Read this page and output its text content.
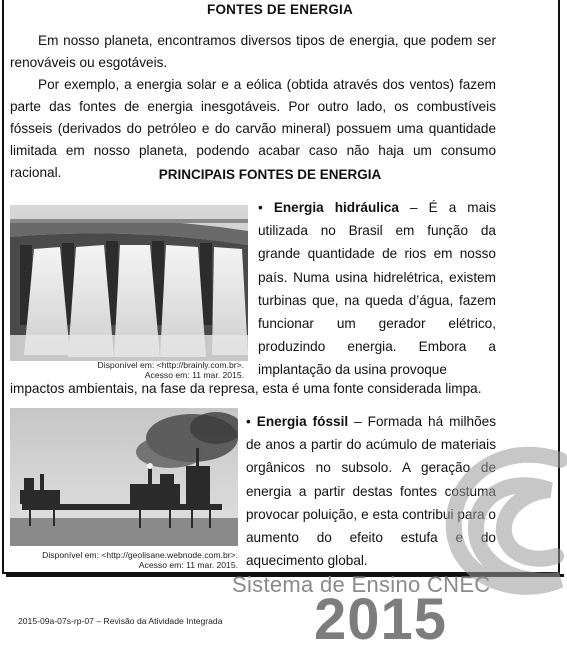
FONTES DE ENERGIA

Em nosso planeta, encontramos diversos tipos de energia, que podem ser renováveis ou esgotáveis.

Por exemplo, a energia solar e a eólica (obtida através dos ventos) fazem parte das fontes de energia inesgotáveis. Por outro lado, os combustíveis fósseis (derivados do petróleo e do carvão mineral) possuem uma quantidade limitada em nosso planeta, podendo acabar caso não haja um consumo racional.	PRINCIPAIS FONTES DE ENERGIA
Disponível em: <http://brainly.com.br>.
Acesso em: 11 mar. 2015.

• Energia hidráulica – É a mais utilizada no Brasil em função da grande quantidade de rios em nosso país. Numa usina hidrelétrica, existem turbinas que, na queda d’água, fazem funcionar um gerador elétrico, produzindo energia. Embora a implantação da usina provoque

impactos ambientais, na fase da represa, esta é uma fonte considerada limpa.
Disponível em: <http://geolisane.webnode.com.br>.
Acesso em: 11 mar. 2015.

• Energia fóssil – Formada há milhões de anos a partir do acúmulo de materiais orgânicos no subsolo. A geração de energia a partir destas fontes costuma provocar poluição, e esta contribui para o aumento do efeito estufa e do aquecimento global.

Sistema de Ensino CNEC
2015
2015-09a-07s-rp-07 – Revisão da Atividade Integrada
